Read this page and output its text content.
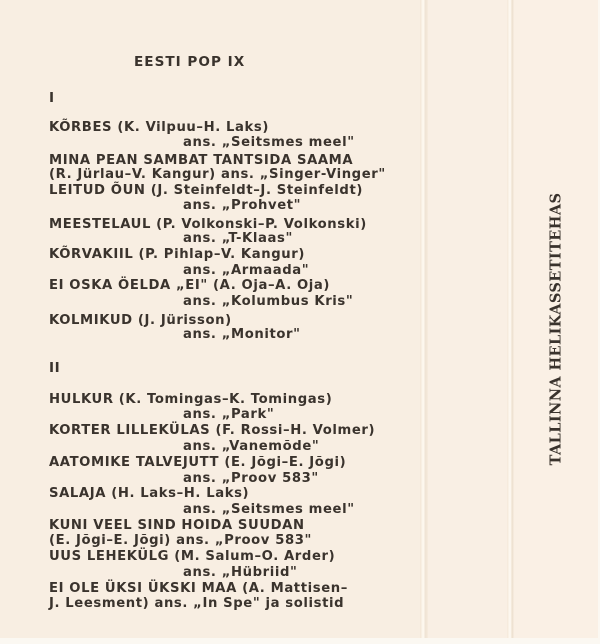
EESTI POP IX
I
KÕRBES (K. Vilpuu–H. Laks)
ans. „Seitsmes meel"
MINA PEAN SAMBAT TANTSIDA SAAMA
(R. Jürlau–V. Kangur) ans. „Singer-Vinger"
LEITUD ÕUN (J. Steinfeldt–J. Steinfeldt)
ans. „Prohvet"
MEESTELAUL (P. Volkonski–P. Volkonski)
ans. „T-Klaas"
KÕRVAKIIL (P. Pihlap–V. Kangur)
ans. „Armaada"
EI OSKA ÖELDA „EI" (A. Oja–A. Oja)
ans. „Kolumbus Kris"
KOLMIKUD (J. Jürisson)
ans. „Monitor"
II
HULKUR (K. Tomingas–K. Tomingas)
ans. „Park"
KORTER LILLEKÜLAS (F. Rossi–H. Volmer)
ans. „Vanemõde"
AATOMIKE TALVEJUTT (E. Jõgi–E. Jõgi)
ans. „Proov 583"
SALAJA (H. Laks–H. Laks)
ans. „Seitsmes meel"
KUNI VEEL SIND HOIDA SUUDAN
(E. Jõgi–E. Jõgi) ans. „Proov 583"
UUS LEHEKÜLG (M. Salum–O. Arder)
ans. „Hübriid"
EI OLE ÜKSI ÜKSKI MAA (A. Mattisen–
J. Leesment) ans. „In Spe" ja solistid
TALLINNA HELIKASSETITEHAS
